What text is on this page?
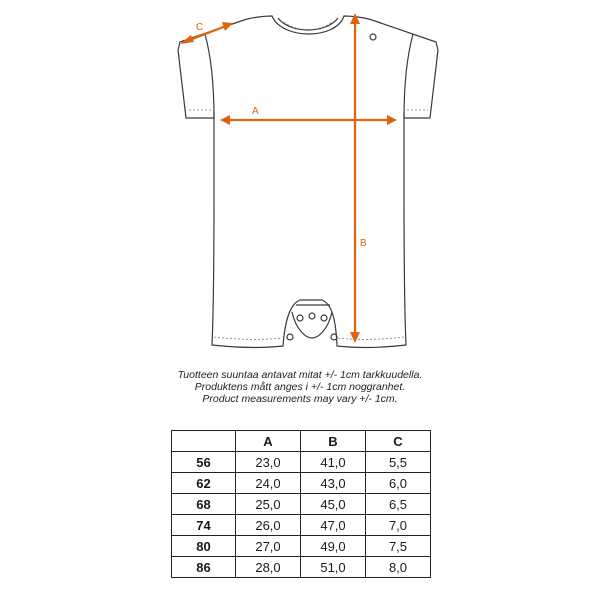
C
A
B
Tuotteen suuntaa antavat mitat +/- 1cm tarkkuudella.
Produktens mått anges i +/- 1cm noggranhet.
Product measurements may vary +/- 1cm.
	A	B	C
56	23,0	41,0	5,5
62	24,0	43,0	6,0
68	25,0	45,0	6,5
74	26,0	47,0	7,0
80	27,0	49,0	7,5
86	28,0	51,0	8,0
